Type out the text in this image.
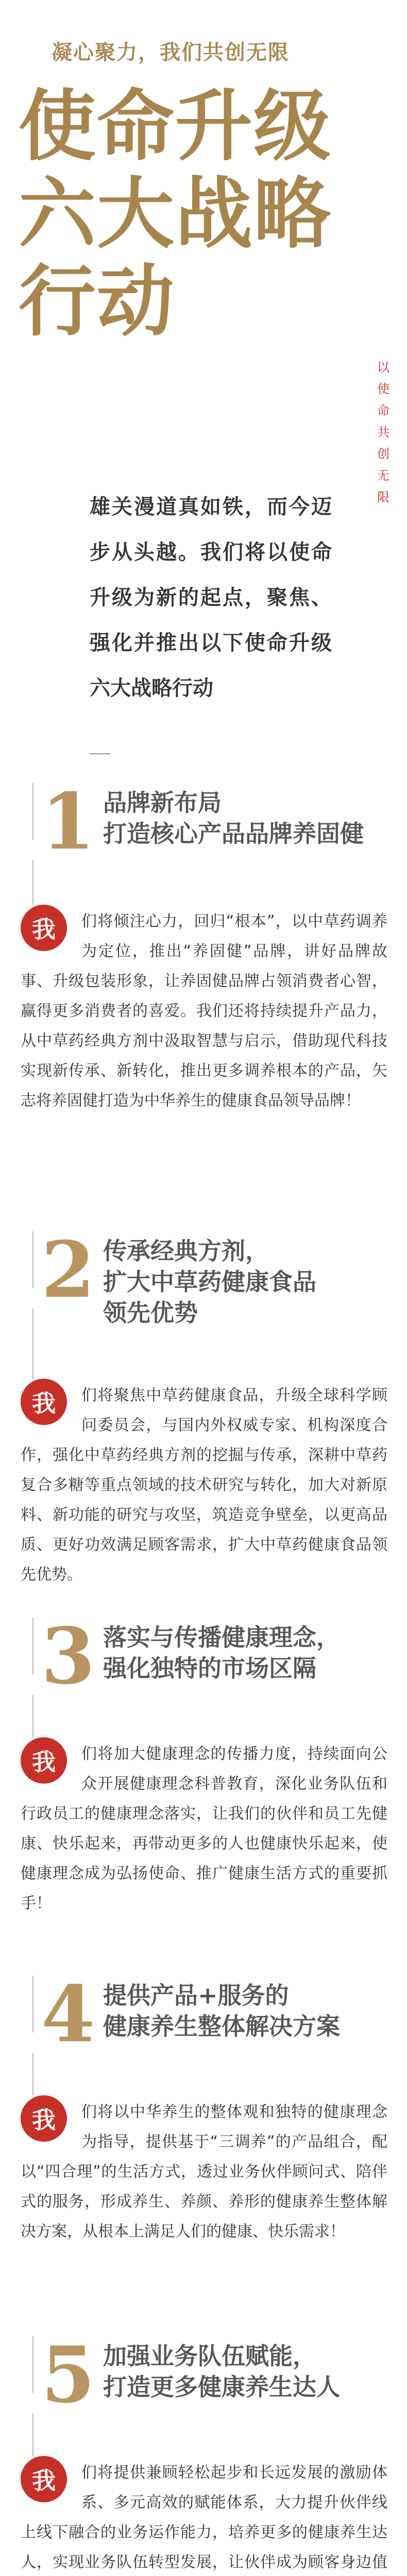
凝心聚力，我们共创无限
使命升级
六大战略
行动
以使命共创无限
雄关漫道真如铁，而今迈步从头越。我们将以使命升级为新的起点，聚焦、强化并推出以下使命升级六大战略行动
1 品牌新布局
打造核心产品品牌养固健
我	们将倾注心力，回归“根本”，以中草药调养为定位，推出“养固健”品牌，讲好品牌故事、升级包装形象，让养固健品牌占领消费者心智，赢得更多消费者的喜爱。我们还将持续提升产品力，从中草药经典方剂中汲取智慧与启示，借助现代科技实现新传承、新转化，推出更多调养根本的产品，矢志将养固健打造为中华养生的健康食品领导品牌！

2 传承经典方剂，
扩大中草药健康食品
领先优势
我	们将聚焦中草药健康食品，升级全球科学顾问委员会，与国内外权威专家、机构深度合作，强化中草药经典方剂的挖掘与传承，深耕中草药复合多糖等重点领域的技术研究与转化，加大对新原料、新功能的研究与攻坚，筑造竞争壁垒，以更高品质、更好功效满足顾客需求，扩大中草药健康食品领先优势。

3 落实与传播健康理念，
强化独特的市场区隔
我	们将加大健康理念的传播力度，持续面向公众开展健康理念科普教育，深化业务队伍和行政员工的健康理念落实，让我们的伙伴和员工先健康、快乐起来，再带动更多的人也健康快乐起来，使健康理念成为弘扬使命、推广健康生活方式的重要抓手！

4 提供产品+服务的
健康养生整体解决方案
我	们将以中华养生的整体观和独特的健康理念为指导，提供基于“三调养”的产品组合，配以“四合理”的生活方式，透过业务伙伴顾问式、陪伴式的服务，形成养生、养颜、养形的健康养生整体解决方案，从根本上满足人们的健康、快乐需求！

5 加强业务队伍赋能，
打造更多健康养生达人
我	们将提供兼顾轻松起步和长远发展的激励体系、多元高效的赋能体系，大力提升伙伴线上线下融合的业务运作能力，培养更多的健康养生达人，实现业务队伍转型发展，让伙伴成为顾客身边值
